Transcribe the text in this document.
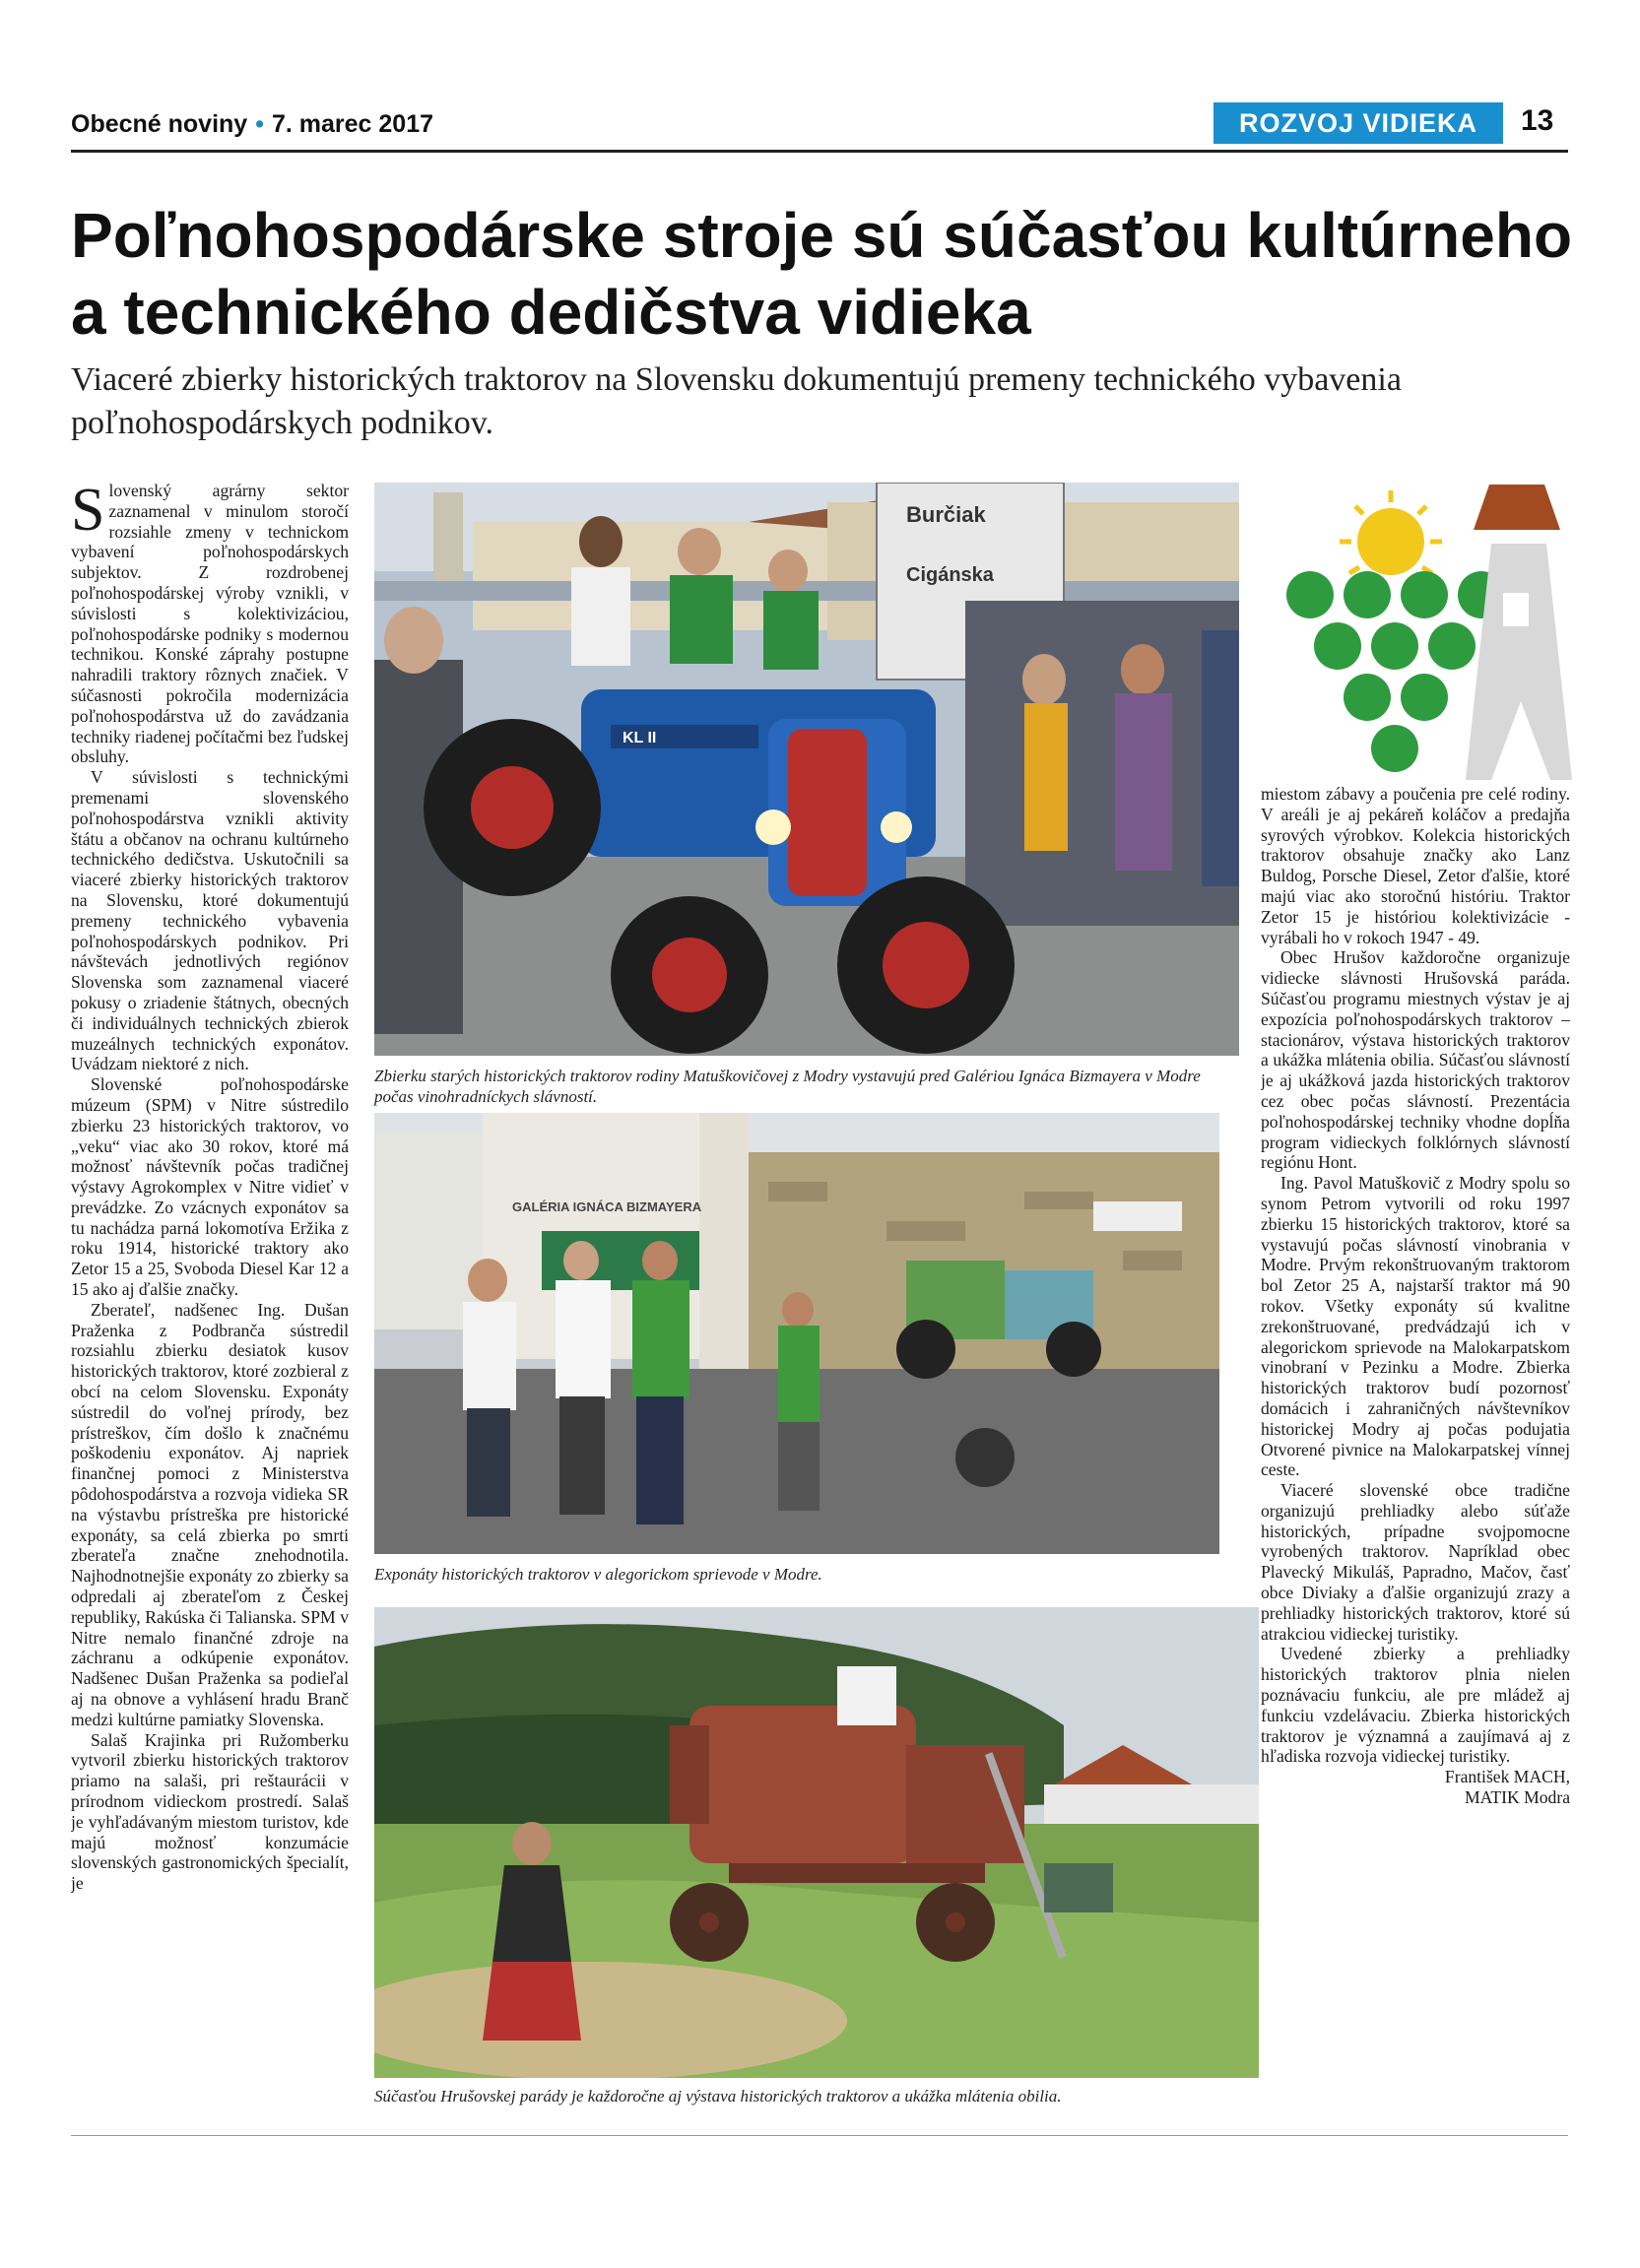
Obecné noviny • 7. marec 2017	ROZVOJ VIDIEKA	13
Poľnohospodárske stroje sú súčasťou kultúrneho a technického dedičstva vidieka

Viaceré zbierky historických traktorov na Slovensku dokumentujú premeny technického vybavenia poľnohospodárskych podnikov.

Slovenský agrárny sektor zaznamenal v minulom storočí rozsiahle zmeny v technickom vybavení poľnohospodárskych subjektov. Z rozdrobenej poľnohospodárskej výroby vznikli, v súvislosti s kolektivizáciou, poľnohospodárske podniky s modernou technikou. Konské záprahy postupne nahradili traktory rôznych značiek. V súčasnosti pokročila modernizácia poľnohospodárstva už do zavádzania techniky riadenej počítačmi bez ľudskej obsluhy.

V súvislosti s technickými premenami slovenského poľnohospodárstva vznikli aktivity štátu a občanov na ochranu kultúrneho technického dedičstva. Uskutočnili sa viaceré zbierky historických traktorov na Slovensku, ktoré dokumentujú premeny technického vybavenia poľnohospodárskych podnikov. Pri návštevách jednotlivých regiónov Slovenska som zaznamenal viaceré pokusy o zriadenie štátnych, obecných či individuálnych technických zbierok muzeálnych technických exponátov. Uvádzam niektoré z nich.

Slovenské poľnohospodárske múzeum (SPM) v Nitre sústredilo zbierku 23 historických traktorov, vo „veku“ viac ako 30 rokov, ktoré má možnosť návštevník počas tradičnej výstavy Agrokomplex v Nitre vidieť v prevádzke. Zo vzácnych exponátov sa tu nachádza parná lokomotíva Eržika z roku 1914, historické traktory ako Zetor 15 a 25, Svoboda Diesel Kar 12 a 15 ako aj ďalšie značky.

Zberateľ, nadšenec Ing. Dušan Praženka z Podbranča sústredil rozsiahlu zbierku desiatok kusov historických traktorov, ktoré zozbieral z obcí na celom Slovensku. Exponáty sústredil do voľnej prírody, bez prístreškov, čím došlo k značnému poškodeniu exponátov. Aj napriek finančnej pomoci z Ministerstva pôdohospodárstva a rozvoja vidieka SR na výstavbu prístreška pre historické exponáty, sa celá zbierka po smrti zberateľa značne znehodnotila. Najhodnotnejšie exponáty zo zbierky sa odpredali aj zberateľom z Českej republiky, Rakúska či Talianska. SPM v Nitre nemalo finančné zdroje na záchranu a odkúpenie exponátov. Nadšenec Dušan Praženka sa podieľal aj na obnove a vyhlásení hradu Branč medzi kultúrne pamiatky Slovenska.

Salaš Krajinka pri Ružomberku vytvoril zbierku historických traktorov priamo na salaši, pri reštaurácii v prírodnom vidieckom prostredí. Salaš je vyhľadávaným miestom turistov, kde majú možnosť konzumácie slovenských gastronomických špecialít, je

Burčiak
Cigánska
KL II

Zbierku starých historických traktorov rodiny Matuškovičovej z Modry vystavujú pred Galériou Ignáca Bizmayera v Modre počas vinohradníckych slávností.

GALÉRIA IGNÁCA BIZMAYERA

Exponáty historických traktorov v alegorickom sprievode v Modre.

Súčasťou Hrušovskej parády je každoročne aj výstava historických traktorov a ukážka mlátenia obilia.

miestom zábavy a poučenia pre celé rodiny. V areáli je aj pekáreň koláčov a predajňa syrových výrobkov. Kolekcia historických traktorov obsahuje značky ako Lanz Buldog, Porsche Diesel, Zetor ďalšie, ktoré majú viac ako storočnú históriu. Traktor Zetor 15 je históriou kolektivizácie - vyrábali ho v rokoch 1947 - 49.

Obec Hrušov každoročne organizuje vidiecke slávnosti Hrušovská paráda. Súčasťou programu miestnych výstav je aj expozícia poľnohospodárskych traktorov – stacionárov, výstava historických traktorov a ukážka mlátenia obilia. Súčasťou slávností je aj ukážková jazda historických traktorov cez obec počas slávností. Prezentácia poľnohospodárskej techniky vhodne dopĺňa program vidieckych folklórnych slávností regiónu Hont.

Ing. Pavol Matuškovič z Modry spolu so synom Petrom vytvorili od roku 1997 zbierku 15 historických traktorov, ktoré sa vystavujú počas slávností vinobrania v Modre. Prvým rekonštruovaným traktorom bol Zetor 25 A, najstarší traktor má 90 rokov. Všetky exponáty sú kvalitne zrekonštruované, predvádzajú ich v alegorickom sprievode na Malokarpatskom vinobraní v Pezinku a Modre. Zbierka historických traktorov budí pozornosť domácich i zahraničných návštevníkov historickej Modry aj počas podujatia Otvorené pivnice na Malokarpatskej vínnej ceste.

Viaceré slovenské obce tradične organizujú prehliadky alebo súťaže historických, prípadne svojpomocne vyrobených traktorov. Napríklad obec Plavecký Mikuláš, Papradno, Mačov, časť obce Diviaky a ďalšie organizujú zrazy a prehliadky historických traktorov, ktoré sú atrakciou vidieckej turistiky.

Uvedené zbierky a prehliadky historických traktorov plnia nielen poznávaciu funkciu, ale pre mládež aj funkciu vzdelávaciu. Zbierka historických traktorov je významná a zaujímavá aj z hľadiska rozvoja vidieckej turistiky.

František MACH,

MATIK Modra
